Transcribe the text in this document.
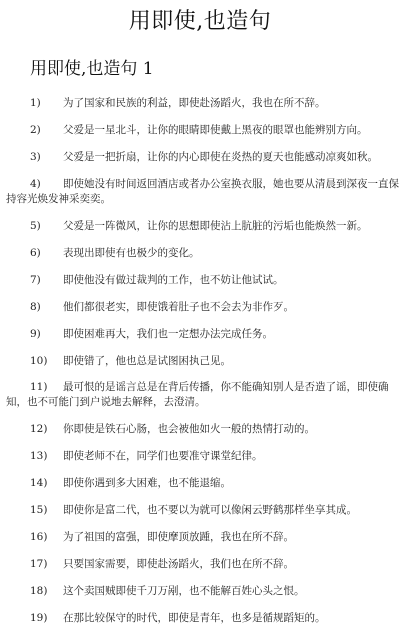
用即使,也造句
用即使,也造句 1
1) 为了国家和民族的利益，即使赴汤蹈火，我也在所不辞。
2) 父爱是一星北斗，让你的眼睛即使戴上黑夜的眼罩也能辨别方向。
3) 父爱是一把折扇，让你的内心即使在炎热的夏天也能感动凉爽如秋。
4) 即使她没有时间返回酒店或者办公室换衣服，她也要从清晨到深夜一直保
持容光焕发神采奕奕。
5) 父爱是一阵微风，让你的思想即使沾上肮脏的污垢也能焕然一新。
6) 表现出即使有也极少的变化。
7) 即使他没有做过裁判的工作，也不妨让他试试。
8) 他们都很老实，即使饿着肚子也不会去为非作歹。
9) 即使困难再大，我们也一定想办法完成任务。
10) 即使错了，他也总是试图困执己见。
11) 最可恨的是谣言总是在背后传播，你不能确知别人是否造了谣，即使确
知，也不可能门到户说地去解释，去澄清。
12) 你即使是铁石心肠，也会被他如火一般的热情打动的。
13) 即使老师不在，同学们也要准守课堂纪律。
14) 即使你遇到多大困难，也不能退缩。
15) 即使你是富二代，也不要以为就可以像闲云野鹤那样坐享其成。
16) 为了祖国的富强，即使摩顶放踵，我也在所不辞。
17) 只要国家需要，即使赴汤蹈火，我们也在所不辞。
18) 这个卖国贼即使千刀万剐，也不能解百姓心头之恨。
19) 在那比较保守的时代，即使是青年，也多是循规蹈矩的。
